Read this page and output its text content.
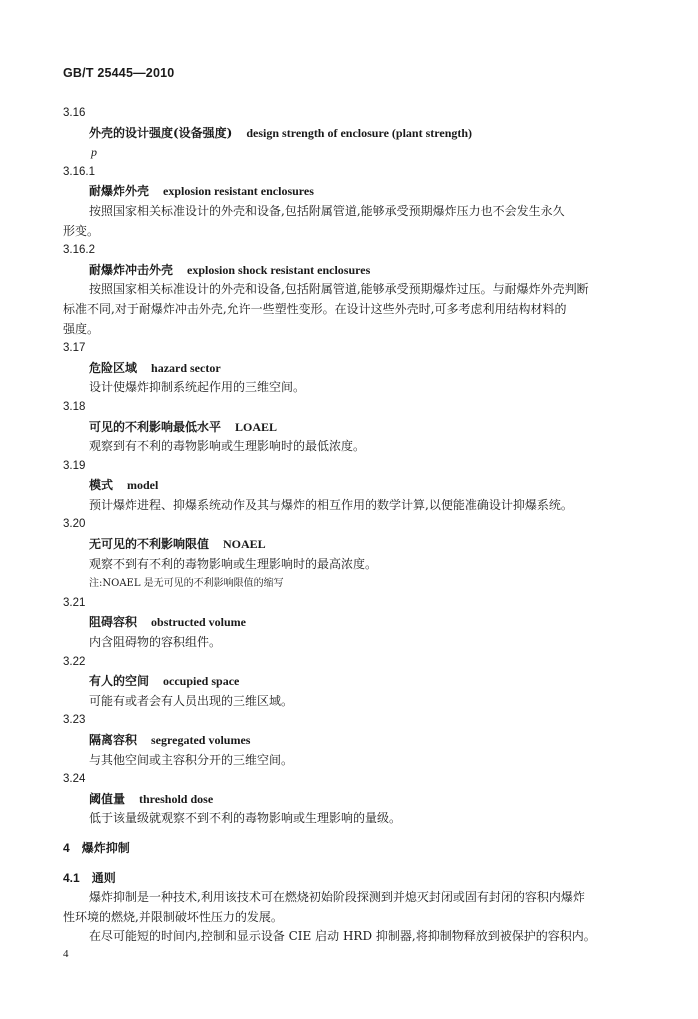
GB/T 25445—2010
3.16
外壳的设计强度(设备强度) design strength of enclosure (plant strength)
p
3.16.1
耐爆炸外壳 explosion resistant enclosures
按照国家相关标准设计的外壳和设备,包括附属管道,能够承受预期爆炸压力也不会发生永久
形变。
3.16.2
耐爆炸冲击外壳 explosion shock resistant enclosures
按照国家相关标准设计的外壳和设备,包括附属管道,能够承受预期爆炸过压。与耐爆炸外壳判断
标准不同,对于耐爆炸冲击外壳,允许一些塑性变形。在设计这些外壳时,可多考虑利用结构材料的
强度。
3.17
危险区域 hazard sector
设计使爆炸抑制系统起作用的三维空间。
3.18
可见的不利影响最低水平 LOAEL
观察到有不利的毒物影响或生理影响时的最低浓度。
3.19
模式 model
预计爆炸进程、抑爆系统动作及其与爆炸的相互作用的数学计算,以便能准确设计抑爆系统。
3.20
无可见的不利影响限值 NOAEL
观察不到有不利的毒物影响或生理影响时的最高浓度。
注:NOAEL 是无可见的不利影响限值的缩写
3.21
阻碍容积 obstructed volume
内含阻碍物的容积组件。
3.22
有人的空间 occupied space
可能有或者会有人员出现的三维区域。
3.23
隔离容积 segregated volumes
与其他空间或主容积分开的三维空间。
3.24
阈值量 threshold dose
低于该量级就观察不到不利的毒物影响或生理影响的量级。
4 爆炸抑制
4.1 通则
爆炸抑制是一种技术,利用该技术可在燃烧初始阶段探测到并熄灭封闭或固有封闭的容积内爆炸
性环境的燃烧,并限制破坏性压力的发展。
在尽可能短的时间内,控制和显示设备 CIE 启动 HRD 抑制器,将抑制物释放到被保护的容积内。
4
